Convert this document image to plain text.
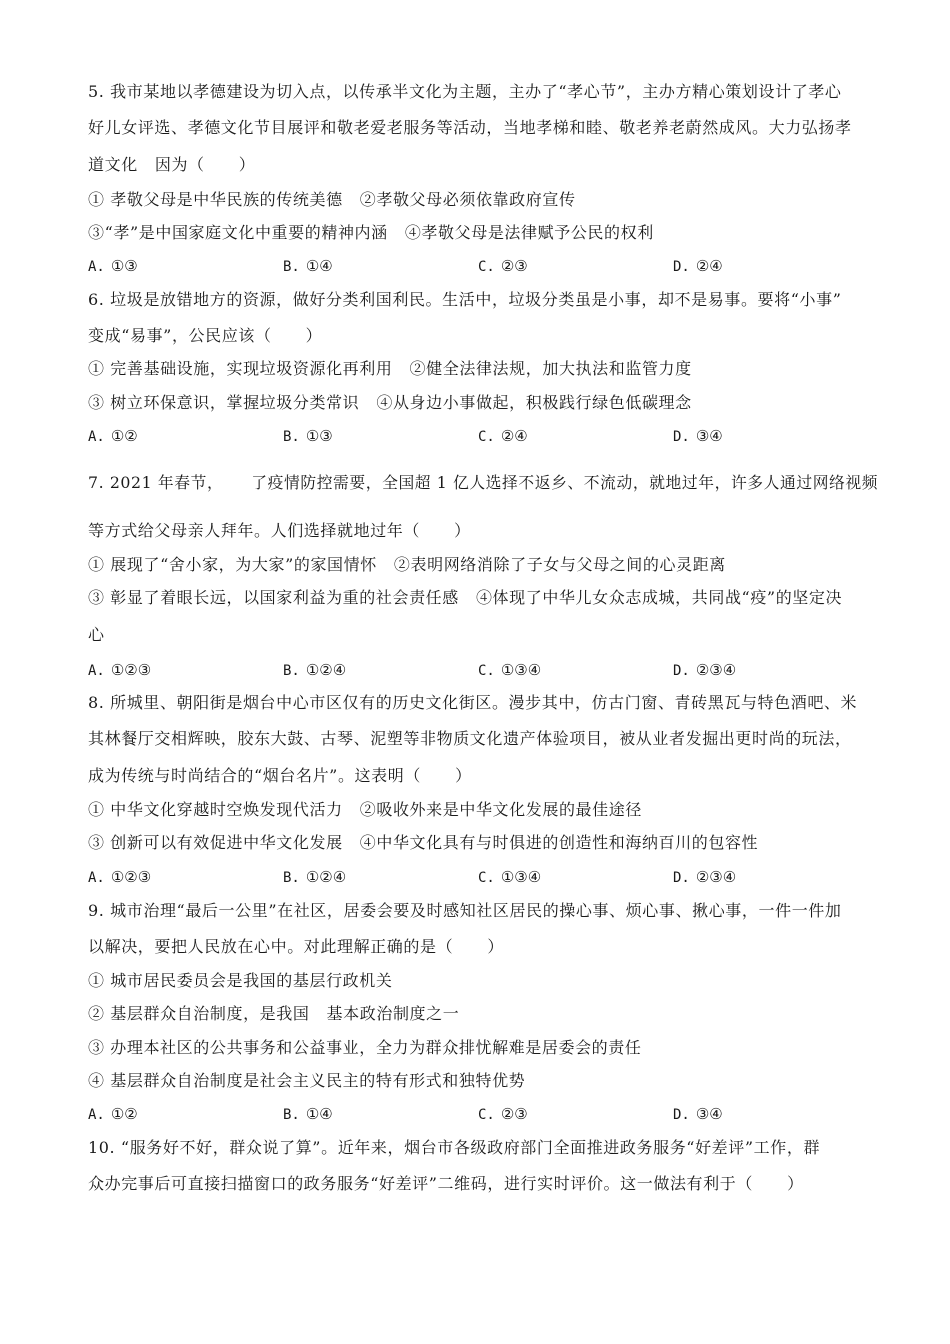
5. 我市某地以孝德建设为切入点，以传承半文化为主题，主办了“孝心节”，主办方精心策划设计了孝心
好儿女评选、孝德文化节目展评和敬老爱老服务等活动，当地孝梯和睦、敬老养老蔚然成风。大力弘扬孝
道文化   因为（      ）
① 孝敬父母是中华民族的传统美德   ②孝敬父母必须依靠政府宣传
③“孝”是中国家庭文化中重要的精神内涵   ④孝敬父母是法律赋予公民的权利
A. ①③	B. ①④	C. ②③	D. ②④
6. 垃圾是放错地方的资源，做好分类利国利民。生活中，垃圾分类虽是小事，却不是易事。要将“小事”
变成“易事”，公民应该（      ）
① 完善基础设施，实现垃圾资源化再利用   ②健全法律法规，加大执法和监管力度
③ 树立环保意识，掌握垃圾分类常识   ④从身边小事做起，积极践行绿色低碳理念
A. ①②	B. ①③	C. ②④	D. ③④
7. 2021 年春节，     了疫情防控需要，全国超 1 亿人选择不返乡、不流动，就地过年，许多人通过网络视频
等方式给父母亲人拜年。人们选择就地过年（      ）
① 展现了“舍小家，为大家”的家国情怀   ②表明网络消除了子女与父母之间的心灵距离
③ 彰显了着眼长远，以国家利益为重的社会责任感   ④体现了中华儿女众志成城，共同战“疫”的坚定决
心
A. ①②③	B. ①②④	C. ①③④	D. ②③④
8. 所城里、朝阳街是烟台中心市区仅有的历史文化街区。漫步其中，仿古门窗、青砖黑瓦与特色酒吧、米
其林餐厅交相辉映，胶东大鼓、古琴、泥塑等非物质文化遗产体验项目，被从业者发掘出更时尚的玩法，
成为传统与时尚结合的“烟台名片”。这表明（      ）
① 中华文化穿越时空焕发现代活力   ②吸收外来是中华文化发展的最佳途径
③ 创新可以有效促进中华文化发展   ④中华文化具有与时俱进的创造性和海纳百川的包容性
A. ①②③	B. ①②④	C. ①③④	D. ②③④
9. 城市治理“最后一公里”在社区，居委会要及时感知社区居民的操心事、烦心事、揪心事，一件一件加
以解决，要把人民放在心中。对此理解正确的是（      ）
① 城市居民委员会是我国的基层行政机关
② 基层群众自治制度，是我国   基本政治制度之一
③ 办理本社区的公共事务和公益事业，全力为群众排忧解难是居委会的责任
④ 基层群众自治制度是社会主义民主的特有形式和独特优势
A. ①②	B. ①④	C. ②③	D. ③④
10. “服务好不好，群众说了算”。近年来，烟台市各级政府部门全面推进政务服务“好差评”工作，群
众办完事后可直接扫描窗口的政务服务“好差评”二维码，进行实时评价。这一做法有利于（      ）
